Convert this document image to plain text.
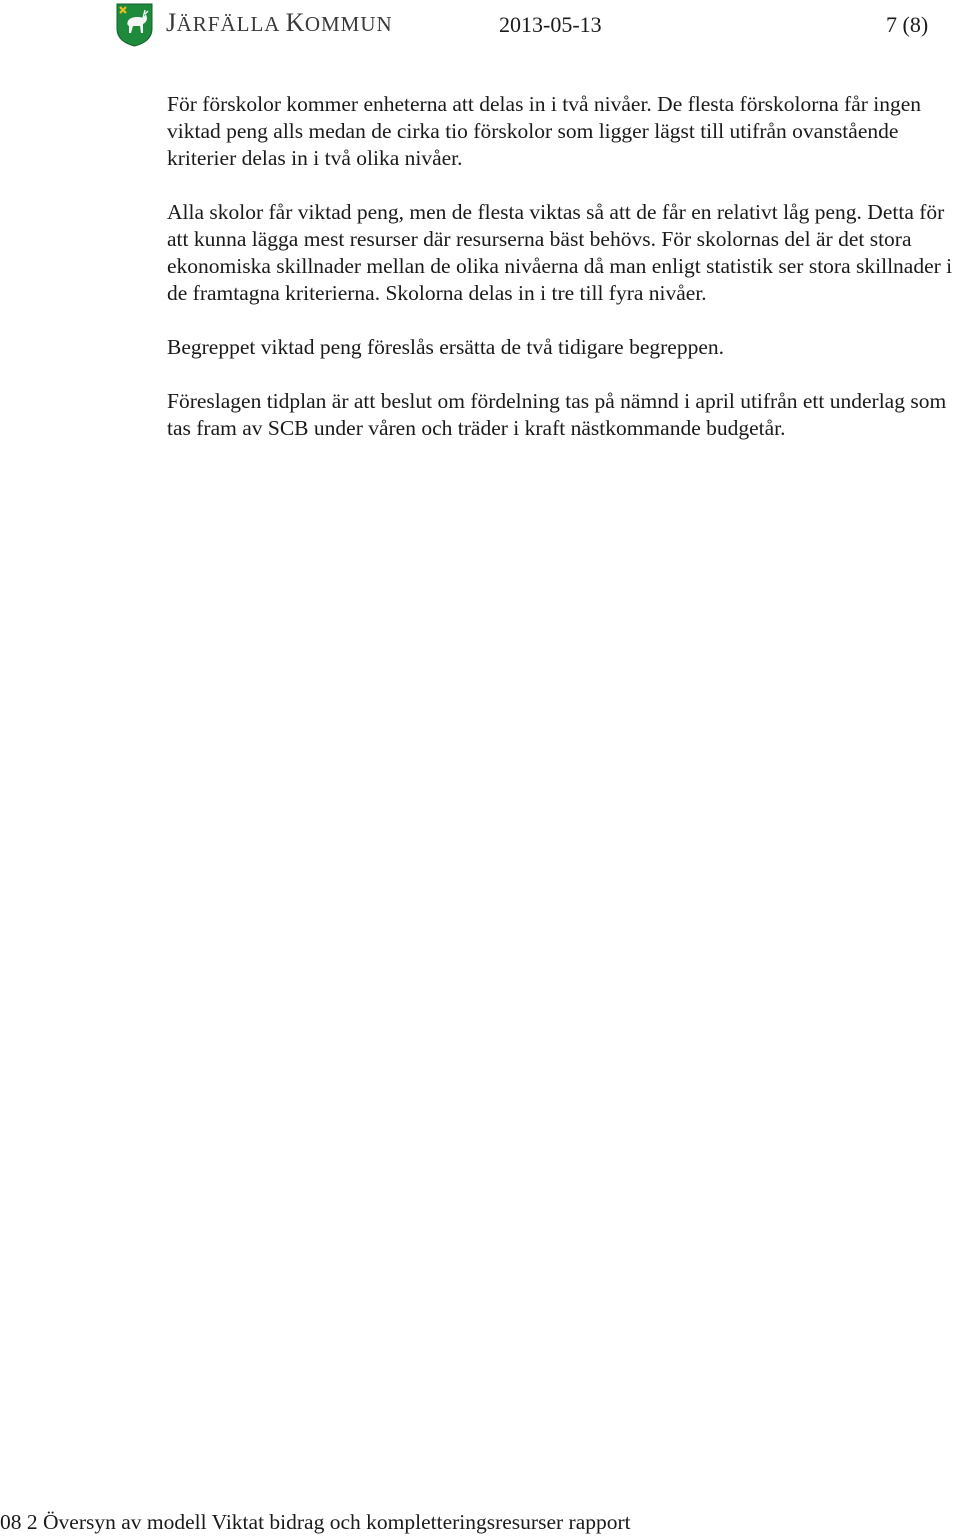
JÄRFÄLLA KOMMUN	2013-05-13	7 (8)

För förskolor kommer enheterna att delas in i två nivåer. De flesta förskolorna får ingen viktad peng alls medan de cirka tio förskolor som ligger lägst till utifrån ovanstående kriterier delas in i två olika nivåer.

Alla skolor får viktad peng, men de flesta viktas så att de får en relativt låg peng. Detta för att kunna lägga mest resurser där resurserna bäst behövs. För skolornas del är det stora ekonomiska skillnader mellan de olika nivåerna då man enligt statistik ser stora skillnader i de framtagna kriterierna. Skolorna delas in i tre till fyra nivåer.

Begreppet viktad peng föreslås ersätta de två tidigare begreppen.

Föreslagen tidplan är att beslut om fördelning tas på nämnd i april utifrån ett underlag som tas fram av SCB under våren och träder i kraft nästkommande budgetår.

08 2 Översyn av modell Viktat bidrag och kompletteringsresurser rapport
